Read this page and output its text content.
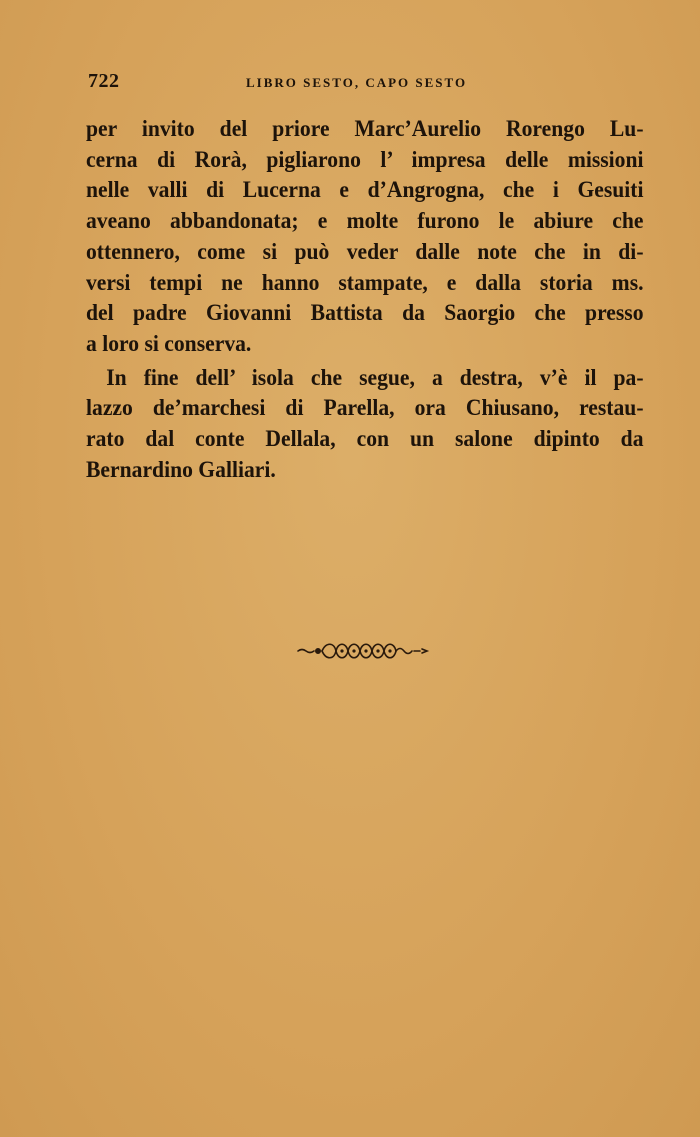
722	LIBRO SESTO, CAPO SESTO

per invito del priore Marc’Aurelio Rorengo Lu-
cerna di Rorà, pigliarono l’ impresa delle missioni
nelle valli di Lucerna e d’Angrogna, che i Gesuiti
aveano abbandonata; e molte furono le abiure che
ottennero, come si può veder dalle note che in di-
versi tempi ne hanno stampate, e dalla storia ms.
del padre Giovanni Battista da Saorgio che presso
a loro si conserva.

In fine dell’ isola che segue, a destra, v’è il pa-
lazzo de’marchesi di Parella, ora Chiusano, restau-
rato dal conte Dellala, con un salone dipinto da
Bernardino Galliari.
